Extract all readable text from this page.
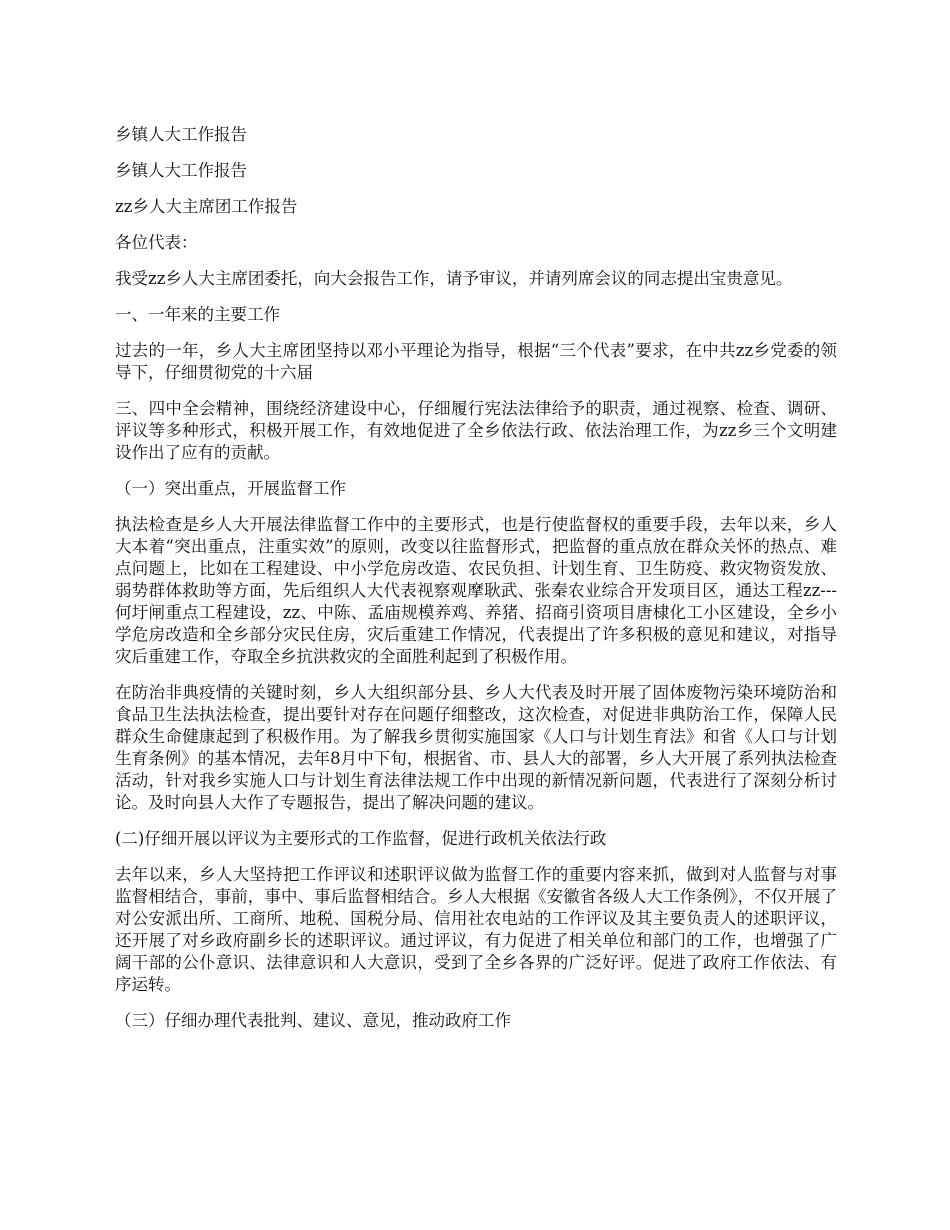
乡镇人大工作报告

乡镇人大工作报告

zz乡人大主席团工作报告

各位代表：

我受zz乡人大主席团委托，向大会报告工作，请予审议，并请列席会议的同志提出宝贵意见。

一、一年来的主要工作

过去的一年，乡人大主席团坚持以邓小平理论为指导，根据“三个代表”要求，在中共zz乡党委的领导下，仔细贯彻党的十六届

三、四中全会精神，围绕经济建设中心，仔细履行宪法法律给予的职责，通过视察、检查、调研、评议等多种形式，积极开展工作，有效地促进了全乡依法行政、依法治理工作，为zz乡三个文明建设作出了应有的贡献。

（一）突出重点，开展监督工作

执法检查是乡人大开展法律监督工作中的主要形式，也是行使监督权的重要手段，去年以来，乡人大本着“突出重点，注重实效”的原则，改变以往监督形式，把监督的重点放在群众关怀的热点、难点问题上，比如在工程建设、中小学危房改造、农民负担、计划生育、卫生防疫、救灾物资发放、弱势群体救助等方面，先后组织人大代表视察观摩耿武、张秦农业综合开发项目区，通达工程zz---何圩闸重点工程建设，zz、中陈、孟庙规模养鸡、养猪、招商引资项目唐棣化工小区建设，全乡小学危房改造和全乡部分灾民住房，灾后重建工作情况，代表提出了许多积极的意见和建议，对指导灾后重建工作，夺取全乡抗洪救灾的全面胜利起到了积极作用。

在防治非典疫情的关键时刻，乡人大组织部分县、乡人大代表及时开展了固体废物污染环境防治和食品卫生法执法检查，提出要针对存在问题仔细整改，这次检查，对促进非典防治工作，保障人民群众生命健康起到了积极作用。为了解我乡贯彻实施国家《人口与计划生育法》和省《人口与计划生育条例》的基本情况，去年8月中下旬，根据省、市、县人大的部署，乡人大开展了系列执法检查活动，针对我乡实施人口与计划生育法律法规工作中出现的新情况新问题，代表进行了深刻分析讨论。及时向县人大作了专题报告，提出了解决问题的建议。

(二)仔细开展以评议为主要形式的工作监督，促进行政机关依法行政

去年以来，乡人大坚持把工作评议和述职评议做为监督工作的重要内容来抓，做到对人监督与对事监督相结合，事前，事中、事后监督相结合。乡人大根据《安徽省各级人大工作条例》，不仅开展了对公安派出所、工商所、地税、国税分局、信用社农电站的工作评议及其主要负责人的述职评议，还开展了对乡政府副乡长的述职评议。通过评议，有力促进了相关单位和部门的工作，也增强了广阔干部的公仆意识、法律意识和人大意识，受到了全乡各界的广泛好评。促进了政府工作依法、有序运转。

（三）仔细办理代表批判、建议、意见，推动政府工作
